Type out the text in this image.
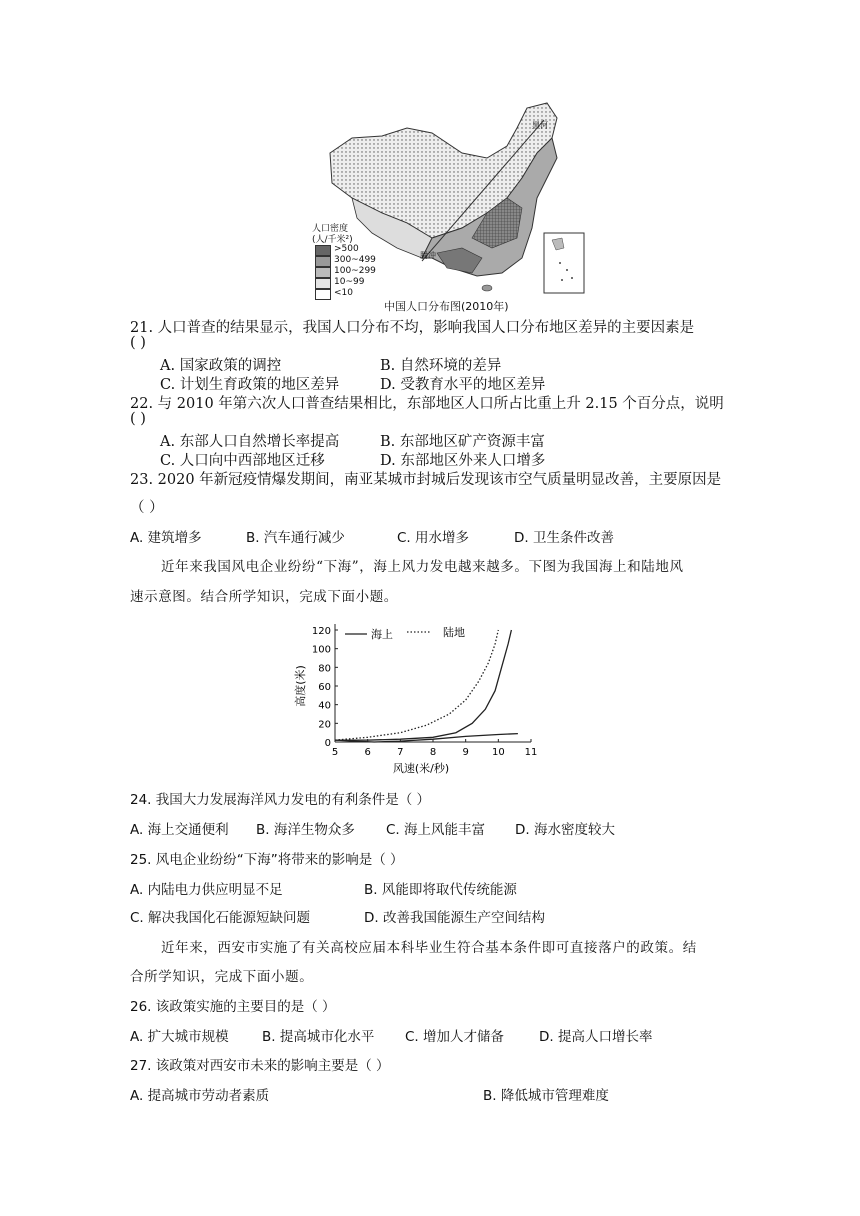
黑河
腾冲
人口密度
(人/千米²)
>500
300~499
100~299
10~99
<10
中国人口分布图(2010年)
21. 人口普查的结果显示，我国人口分布不均，影响我国人口分布地区差异的主要因素是
( )
A. 国家政策的调控	B. 自然环境的差异
C. 计划生育政策的地区差异	D. 受教育水平的地区差异
22. 与 2010 年第六次人口普查结果相比，东部地区人口所占比重上升 2.15 个百分点，说明
( )
A. 东部人口自然增长率提高	B. 东部地区矿产资源丰富
C. 人口向中西部地区迁移	D. 东部地区外来人口增多
23. 2020 年新冠疫情爆发期间，南亚某城市封城后发现该市空气质量明显改善，主要原因是
（ ）
A. 建筑增多	B. 汽车通行减少	C. 用水增多	D. 卫生条件改善
近年来我国风电企业纷纷“下海”，海上风力发电越来越多。下图为我国海上和陆地风
速示意图。结合所学知识，完成下面小题。
0
20
40
60
80
100
120
5	6	7	8	9 10 11
风速(米/秒)
高度(米)
海上	陆地
24. 我国大力发展海洋风力发电的有利条件是（ ）
A. 海上交通便利 B. 海洋生物众多 C. 海上风能丰富 D. 海水密度较大
25. 风电企业纷纷“下海”将带来的影响是（ ）
A. 内陆电力供应明显不足	B. 风能即将取代传统能源
C. 解决我国化石能源短缺问题	D. 改善我国能源生产空间结构
近年来，西安市实施了有关高校应届本科毕业生符合基本条件即可直接落户的政策。结
合所学知识，完成下面小题。
26. 该政策实施的主要目的是（ ）
A. 扩大城市规模 B. 提高城市化水平 C. 增加人才储备	D. 提高人口增长率
27. 该政策对西安市未来的影响主要是（ ）
A. 提高城市劳动者素质	B. 降低城市管理难度
